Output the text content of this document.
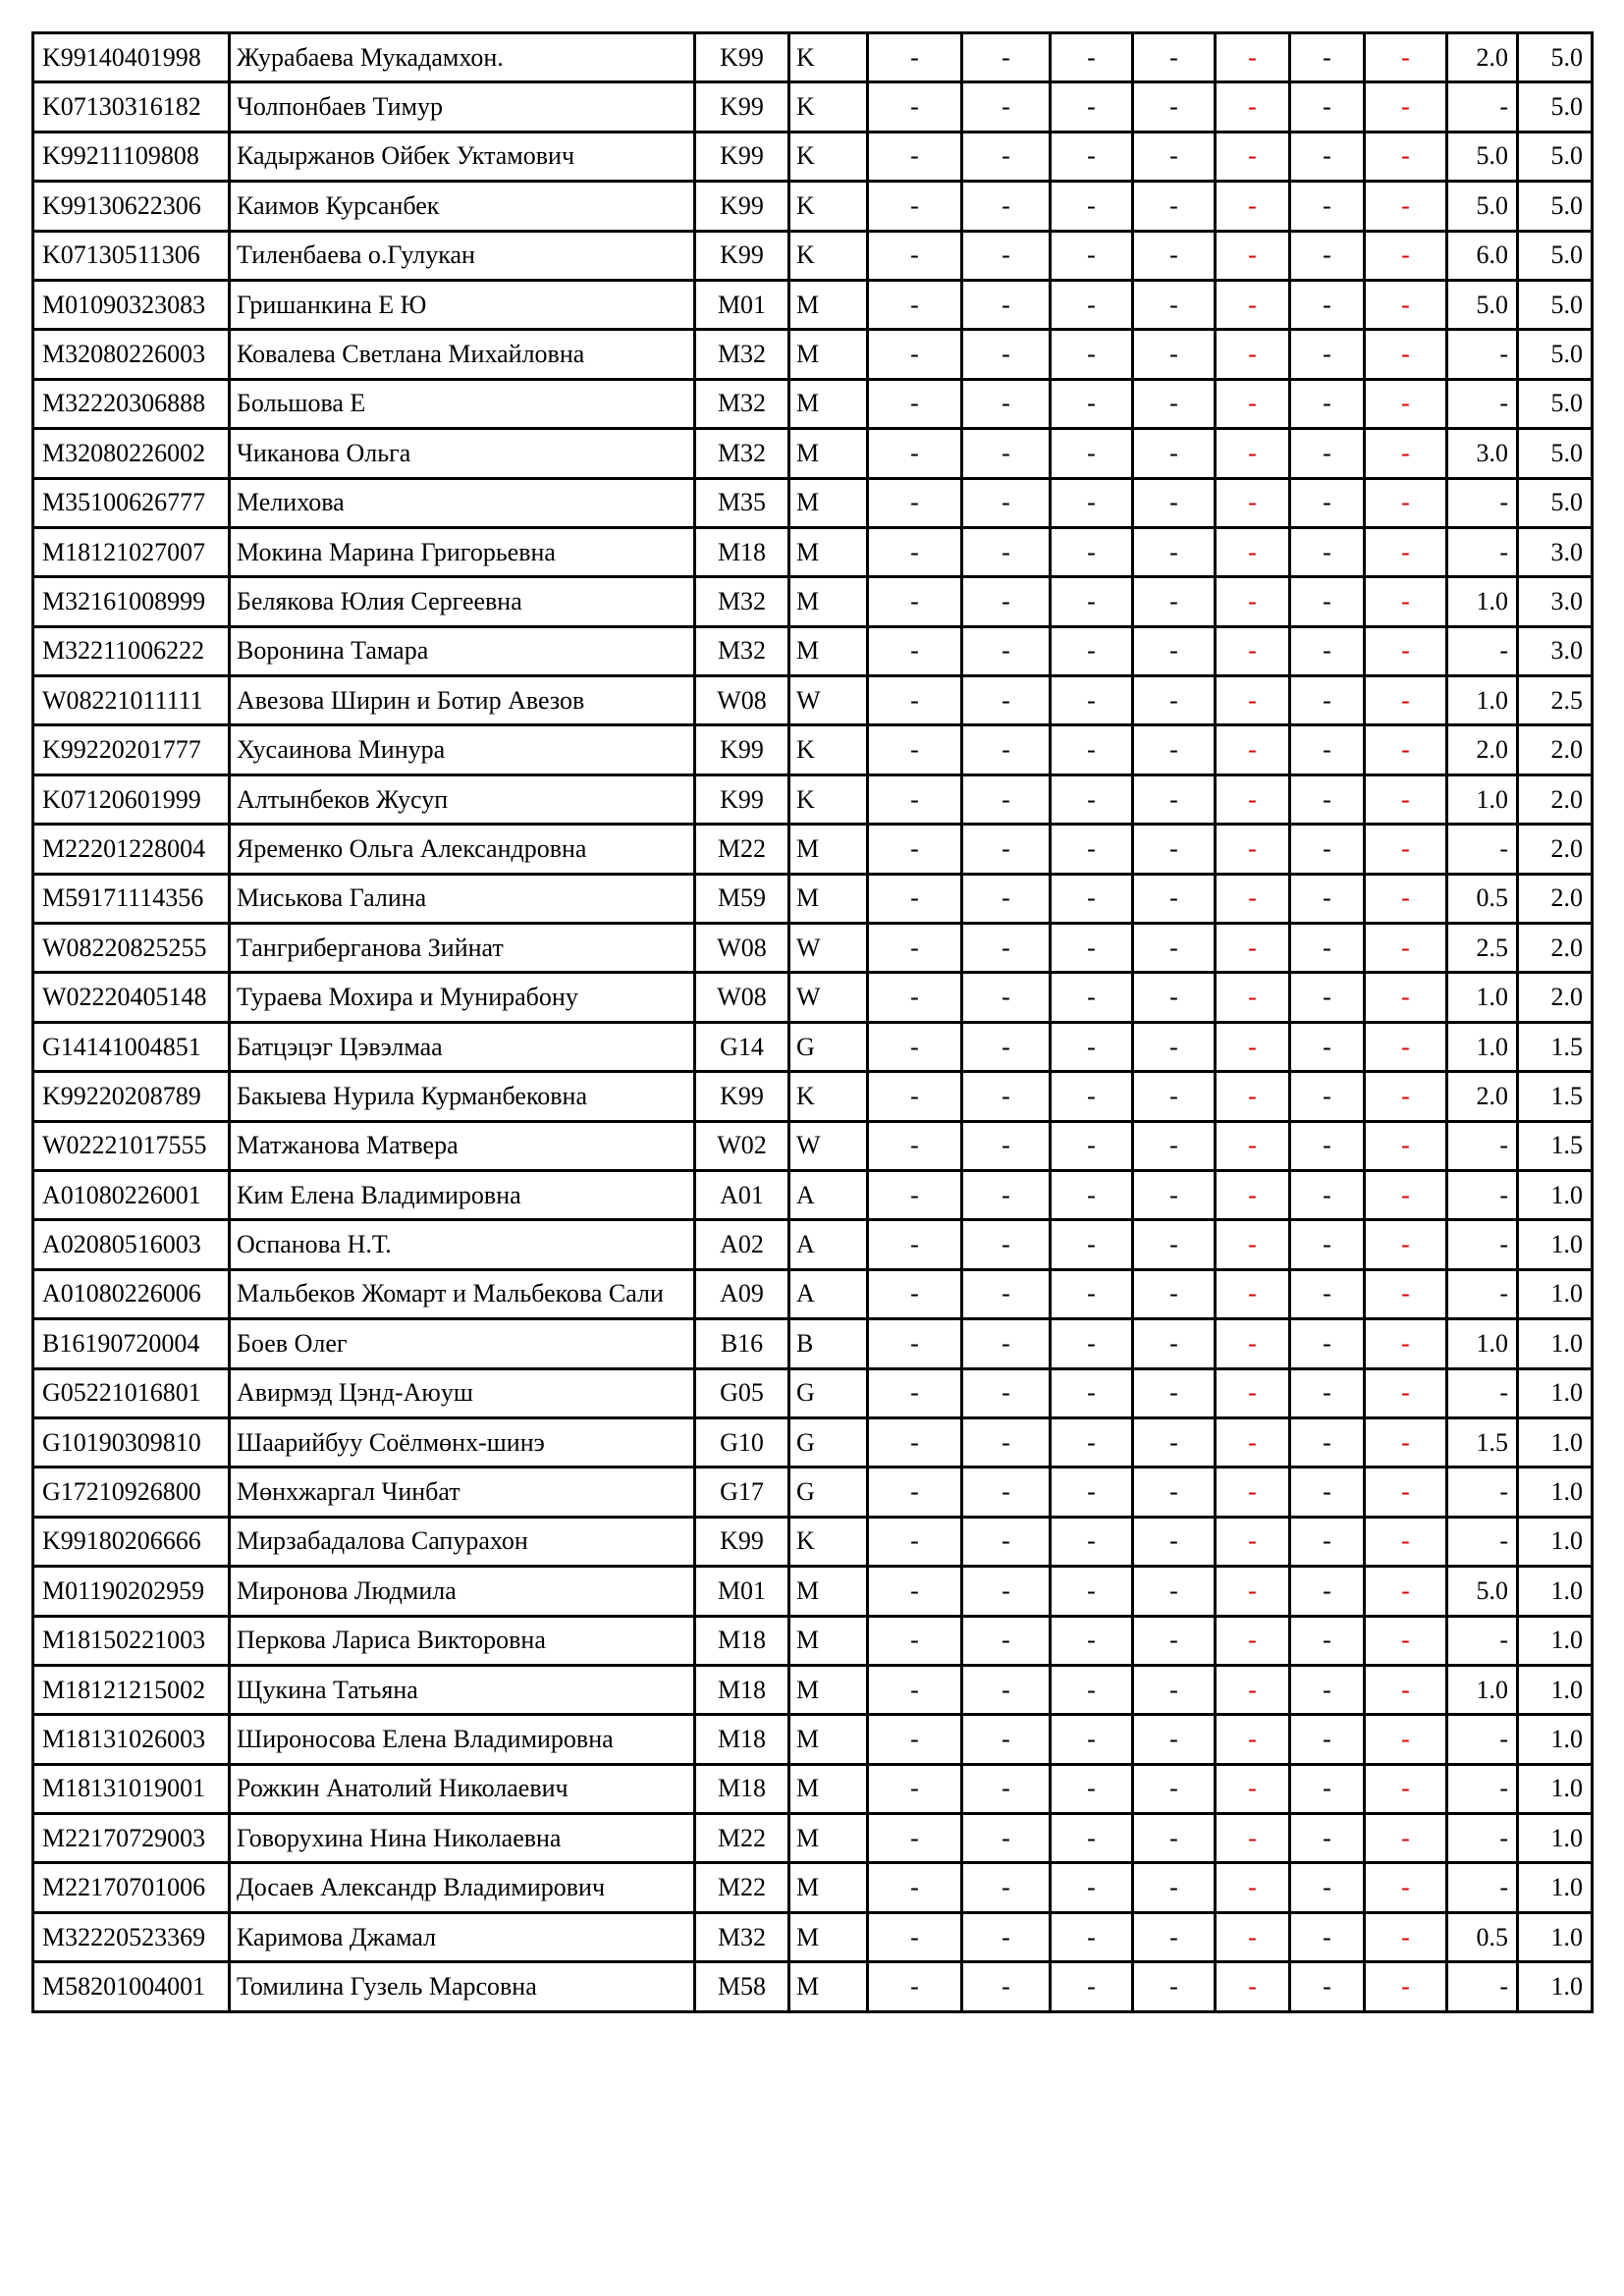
K99140401998	Журабаева Мукадамхон.	K99	K	-	-	-	-	-	-	-	2.0	5.0
K07130316182	Чолпонбаев Тимур	K99	K	-	-	-	-	-	-	-	-	5.0
K99211109808	Кадыржанов Ойбек Уктамович	K99	K	-	-	-	-	-	-	-	5.0	5.0
K99130622306	Каимов Курсанбек	K99	K	-	-	-	-	-	-	-	5.0	5.0
K07130511306	Тиленбаева о.Гулукан	K99	K	-	-	-	-	-	-	-	6.0	5.0
M01090323083	Гришанкина Е Ю	M01	M	-	-	-	-	-	-	-	5.0	5.0
M32080226003	Ковалева Светлана Михайловна	M32	M	-	-	-	-	-	-	-	-	5.0
M32220306888	Большова Е	M32	M	-	-	-	-	-	-	-	-	5.0
M32080226002	Чиканова Ольга	M32	M	-	-	-	-	-	-	-	3.0	5.0
M35100626777	Мелихова	M35	M	-	-	-	-	-	-	-	-	5.0
M18121027007	Мокина Марина Григорьевна	M18	M	-	-	-	-	-	-	-	-	3.0
M32161008999	Белякова Юлия Сергеевна	M32	M	-	-	-	-	-	-	-	1.0	3.0
M32211006222	Воронина Тамара	M32	M	-	-	-	-	-	-	-	-	3.0
W08221011111	Авезова Ширин и Ботир Авезов	W08	W	-	-	-	-	-	-	-	1.0	2.5
K99220201777	Хусаинова Минура	K99	K	-	-	-	-	-	-	-	2.0	2.0
K07120601999	Алтынбеков Жусуп	K99	K	-	-	-	-	-	-	-	1.0	2.0
M22201228004	Яременко Ольга Александровна	M22	M	-	-	-	-	-	-	-	-	2.0
M59171114356	Миськова Галина	M59	M	-	-	-	-	-	-	-	0.5	2.0
W08220825255	Тангриберганова Зийнат	W08	W	-	-	-	-	-	-	-	2.5	2.0
W02220405148	Тураева Мохира и Мунирабону	W08	W	-	-	-	-	-	-	-	1.0	2.0
G14141004851	Батцэцэг Цэвэлмаа	G14	G	-	-	-	-	-	-	-	1.0	1.5
K99220208789	Бакыева Нурила Курманбековна	K99	K	-	-	-	-	-	-	-	2.0	1.5
W02221017555	Матжанова Матвера	W02	W	-	-	-	-	-	-	-	-	1.5
A01080226001	Ким Елена Владимировна	A01	A	-	-	-	-	-	-	-	-	1.0
A02080516003	Оспанова Н.Т.	A02	A	-	-	-	-	-	-	-	-	1.0
A01080226006	Мальбеков Жомарт и Мальбекова Сали	A09	A	-	-	-	-	-	-	-	-	1.0
B16190720004	Боев Олег	B16	B	-	-	-	-	-	-	-	1.0	1.0
G05221016801	Авирмэд Цэнд-Аюуш	G05	G	-	-	-	-	-	-	-	-	1.0
G10190309810	Шаарийбуу Соёлмөнх-шинэ	G10	G	-	-	-	-	-	-	-	1.5	1.0
G17210926800	Мөнхжаргал Чинбат	G17	G	-	-	-	-	-	-	-	-	1.0
K99180206666	Мирзабадалова Сапурахон	K99	K	-	-	-	-	-	-	-	-	1.0
M01190202959	Миронова Людмила	M01	M	-	-	-	-	-	-	-	5.0	1.0
M18150221003	Перкова Лариса Викторовна	M18	M	-	-	-	-	-	-	-	-	1.0
M18121215002	Щукина Татьяна	M18	M	-	-	-	-	-	-	-	1.0	1.0
M18131026003	Широносова Елена Владимировна	M18	M	-	-	-	-	-	-	-	-	1.0
M18131019001	Рожкин Анатолий Николаевич	M18	M	-	-	-	-	-	-	-	-	1.0
M22170729003	Говорухина Нина Николаевна	M22	M	-	-	-	-	-	-	-	-	1.0
M22170701006	Досаев Александр Владимирович	M22	M	-	-	-	-	-	-	-	-	1.0
M32220523369	Каримова Джамал	M32	M	-	-	-	-	-	-	-	0.5	1.0
M58201004001	Томилина Гузель Марсовна	M58	M	-	-	-	-	-	-	-	-	1.0
